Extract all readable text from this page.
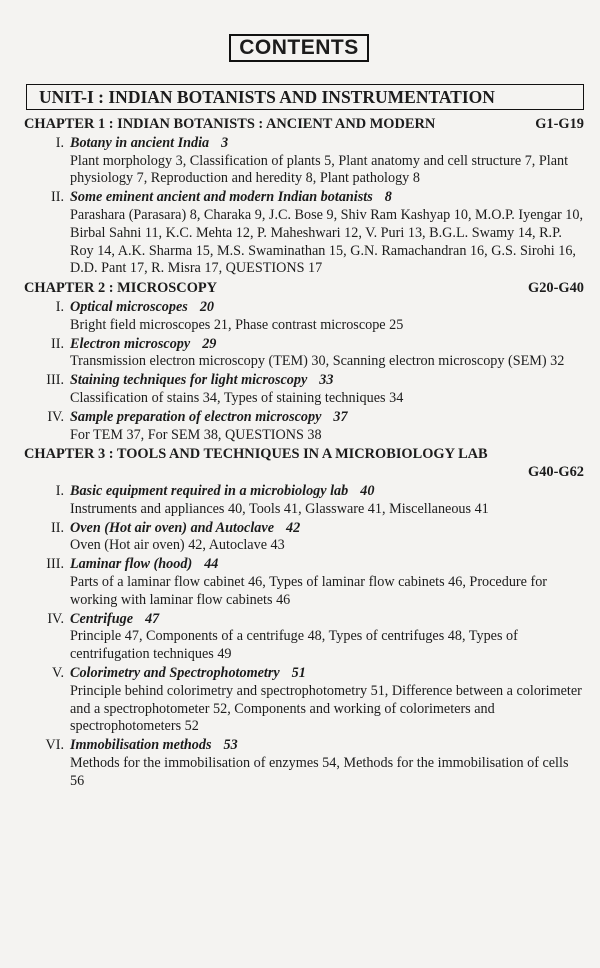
CONTENTS
UNIT-I : INDIAN BOTANISTS AND INSTRUMENTATION
CHAPTER 1 : INDIAN BOTANISTS : ANCIENT AND MODERN	G1-G19
I. Botany in ancient India 3
Plant morphology 3, Classification of plants 5, Plant anatomy and cell structure 7, Plant physiology 7, Reproduction and heredity 8, Plant pathology 8
II. Some eminent ancient and modern Indian botanists 8
Parashara (Parasara) 8, Charaka 9, J.C. Bose 9, Shiv Ram Kashyap 10, M.O.P. Iyengar 10, Birbal Sahni 11, K.C. Mehta 12, P. Maheshwari 12, V. Puri 13, B.G.L. Swamy 14, R.P. Roy 14, A.K. Sharma 15, M.S. Swaminathan 15, G.N. Ramachandran 16, G.S. Sirohi 16, D.D. Pant 17, R. Misra 17, QUESTIONS 17
CHAPTER 2 : MICROSCOPY	G20-G40
I. Optical microscopes 20
Bright field microscopes 21, Phase contrast microscope 25
II. Electron microscopy 29
Transmission electron microscopy (TEM) 30, Scanning electron microscopy (SEM) 32
III. Staining techniques for light microscopy 33
Classification of stains 34, Types of staining techniques 34
IV. Sample preparation of electron microscopy 37
For TEM 37, For SEM 38, QUESTIONS 38
CHAPTER 3 : TOOLS AND TECHNIQUES IN A MICROBIOLOGY LAB
G40-G62
I. Basic equipment required in a microbiology lab 40
Instruments and appliances 40, Tools 41, Glassware 41, Miscellaneous 41
II. Oven (Hot air oven) and Autoclave 42
Oven (Hot air oven) 42, Autoclave 43
III. Laminar flow (hood) 44
Parts of a laminar flow cabinet 46, Types of laminar flow cabinets 46, Procedure for working with laminar flow cabinets 46
IV. Centrifuge 47
Principle 47, Components of a centrifuge 48, Types of centrifuges 48, Types of centrifugation techniques 49
V. Colorimetry and Spectrophotometry 51
Principle behind colorimetry and spectrophotometry 51, Difference between a colorimeter and a spectrophotometer 52, Components and working of colorimeters and spectrophotometers 52
VI. Immobilisation methods 53
Methods for the immobilisation of enzymes 54, Methods for the immobilisation of cells 56
